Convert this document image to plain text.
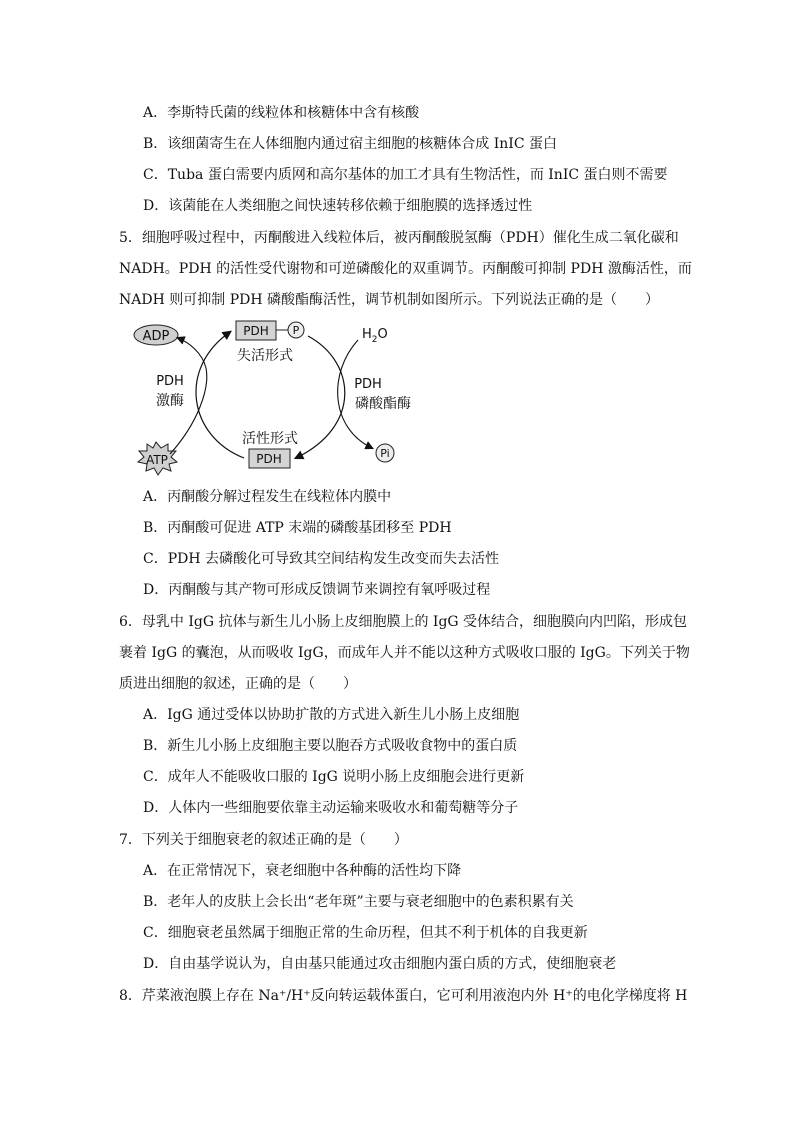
A．李斯特氏菌的线粒体和核糖体中含有核酸
B．该细菌寄生在人体细胞内通过宿主细胞的核糖体合成 InIC 蛋白
C．Tuba 蛋白需要内质网和高尔基体的加工才具有生物活性，而 InIC 蛋白则不需要
D．该菌能在人类细胞之间快速转移依赖于细胞膜的选择透过性
5．细胞呼吸过程中，丙酮酸进入线粒体后，被丙酮酸脱氢酶（PDH）催化生成二氧化碳和
NADH。PDH 的活性受代谢物和可逆磷酸化的双重调节。丙酮酸可抑制 PDH 激酶活性，而
NADH 则可抑制 PDH 磷酸酯酶活性，调节机制如图所示。下列说法正确的是（　　）
ADP
ATP
PDH P
失活形式
活性形式
PDH
PDH
激酶
$H_2O$
PDH
磷酸酯酶
Pi
A．丙酮酸分解过程发生在线粒体内膜中
B．丙酮酸可促进 ATP 末端的磷酸基团移至 PDH
C．PDH 去磷酸化可导致其空间结构发生改变而失去活性
D．丙酮酸与其产物可形成反馈调节来调控有氧呼吸过程
6．母乳中 IgG 抗体与新生儿小肠上皮细胞膜上的 IgG 受体结合，细胞膜向内凹陷，形成包
裹着 IgG 的囊泡，从而吸收 IgG，而成年人并不能以这种方式吸收口服的 IgG。下列关于物
质进出细胞的叙述，正确的是（　　）
A．IgG 通过受体以协助扩散的方式进入新生儿小肠上皮细胞
B．新生儿小肠上皮细胞主要以胞吞方式吸收食物中的蛋白质
C．成年人不能吸收口服的 IgG 说明小肠上皮细胞会进行更新
D．人体内一些细胞要依靠主动运输来吸收水和葡萄糖等分子
7．下列关于细胞衰老的叙述正确的是（　　）
A．在正常情况下，衰老细胞中各种酶的活性均下降
B．老年人的皮肤上会长出“老年斑”主要与衰老细胞中的色素积累有关
C．细胞衰老虽然属于细胞正常的生命历程，但其不利于机体的自我更新
D．自由基学说认为，自由基只能通过攻击细胞内蛋白质的方式，使细胞衰老
8．芹菜液泡膜上存在 Na⁺/H⁺反向转运载体蛋白，它可利用液泡内外 H⁺的电化学梯度将 H
